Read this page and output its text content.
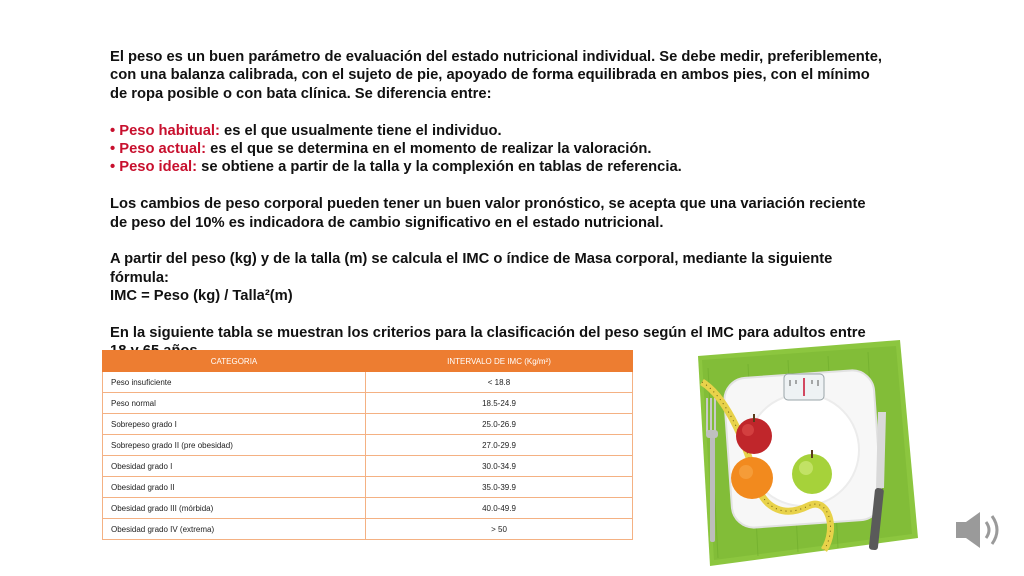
El peso es un buen parámetro de evaluación del estado nutricional individual. Se debe medir, preferiblemente, con una balanza calibrada, con el sujeto de pie, apoyado de forma equilibrada en ambos pies, con el mínimo de ropa posible o con bata clínica. Se diferencia entre:

• Peso habitual: es el que usualmente tiene el individuo.
• Peso actual: es el que se determina en el momento de realizar la valoración.
• Peso ideal: se obtiene a partir de la talla y la complexión en tablas de referencia.

Los cambios de peso corporal pueden tener un buen valor pronóstico, se acepta que una variación reciente de peso del 10% es indicadora de cambio significativo en el estado nutricional.

A partir del peso (kg) y de la talla (m) se calcula el IMC o índice de Masa corporal, mediante la siguiente fórmula:
IMC = Peso (kg) / Talla²(m)

En la siguiente tabla se muestran los criterios para la clasificación del peso según el IMC para adultos entre

CATEGORIA	INTERVALO DE IMC (Kg/m²)
Peso insuficiente	< 18.8
Peso normal	18.5-24.9
Sobrepeso grado I	25.0-26.9
Sobrepeso grado II (pre obesidad)	27.0-29.9
Obesidad grado I	30.0-34.9
Obesidad grado II	35.0-39.9
Obesidad grado III (mórbida)	40.0-49.9
Obesidad grado IV (extrema)	> 50
